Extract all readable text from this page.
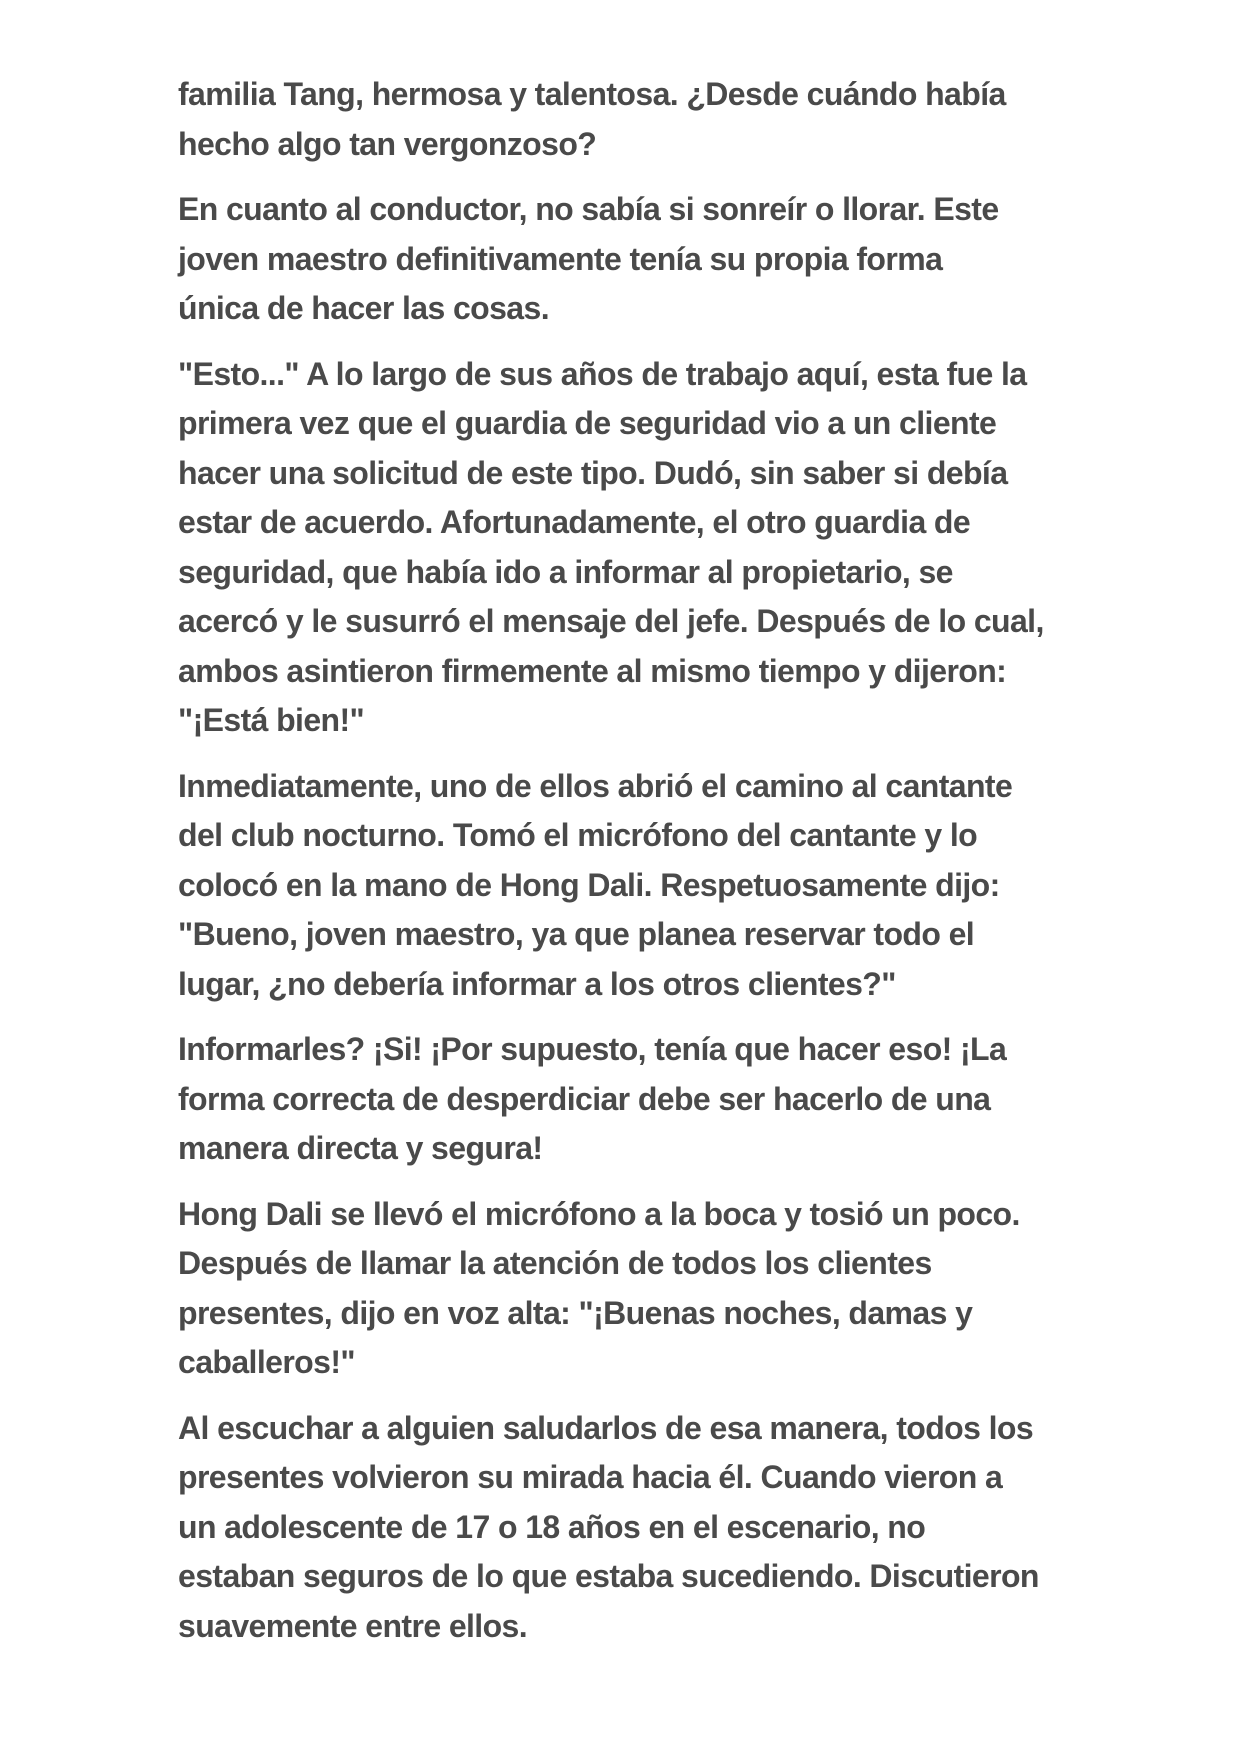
familia Tang, hermosa y talentosa. ¿Desde cuándo había
hecho algo tan vergonzoso?
En cuanto al conductor, no sabía si sonreír o llorar. Este
joven maestro definitivamente tenía su propia forma
única de hacer las cosas.
"Esto..." A lo largo de sus años de trabajo aquí, esta fue la
primera vez que el guardia de seguridad vio a un cliente
hacer una solicitud de este tipo. Dudó, sin saber si debía
estar de acuerdo. Afortunadamente, el otro guardia de
seguridad, que había ido a informar al propietario, se
acercó y le susurró el mensaje del jefe. Después de lo cual,
ambos asintieron firmemente al mismo tiempo y dijeron:
"¡Está bien!"
Inmediatamente, uno de ellos abrió el camino al cantante
del club nocturno. Tomó el micrófono del cantante y lo
colocó en la mano de Hong Dali. Respetuosamente dijo:
"Bueno, joven maestro, ya que planea reservar todo el
lugar, ¿no debería informar a los otros clientes?"
Informarles? ¡Si! ¡Por supuesto, tenía que hacer eso! ¡La
forma correcta de desperdiciar debe ser hacerlo de una
manera directa y segura!
Hong Dali se llevó el micrófono a la boca y tosió un poco.
Después de llamar la atención de todos los clientes
presentes, dijo en voz alta: "¡Buenas noches, damas y
caballeros!"
Al escuchar a alguien saludarlos de esa manera, todos los
presentes volvieron su mirada hacia él. Cuando vieron a
un adolescente de 17 o 18 años en el escenario, no
estaban seguros de lo que estaba sucediendo. Discutieron
suavemente entre ellos.
